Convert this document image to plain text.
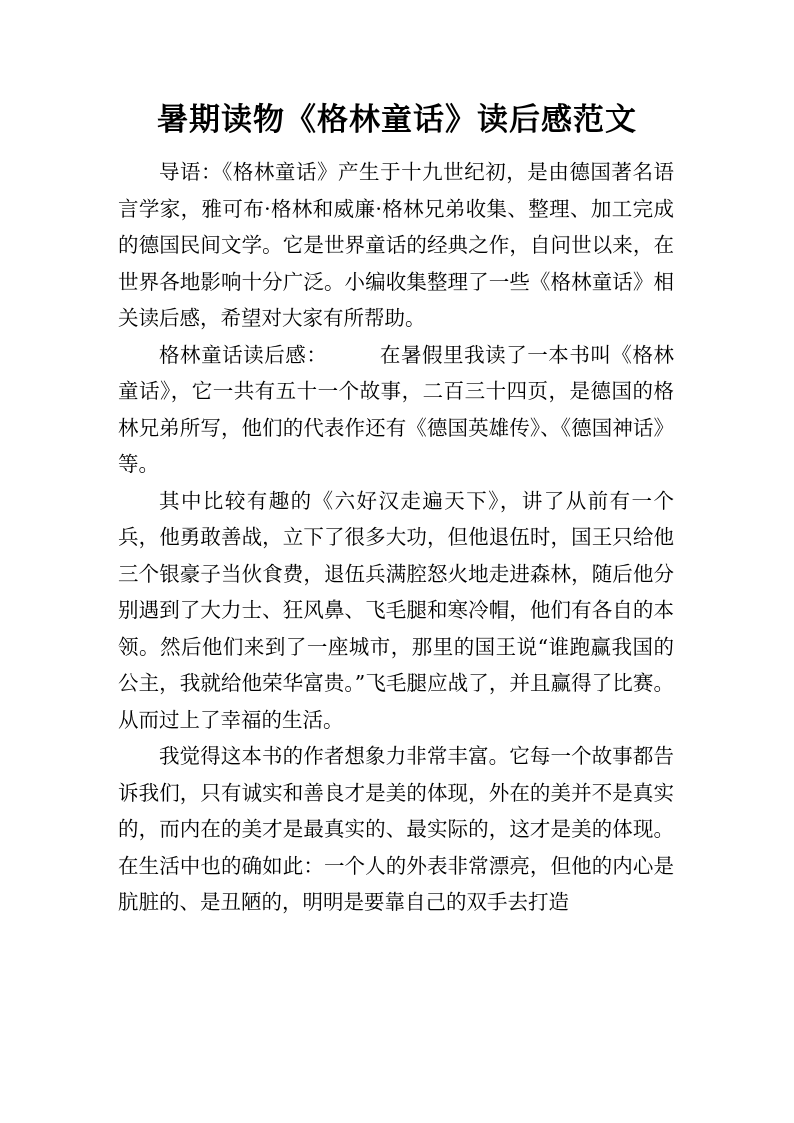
暑期读物《格林童话》读后感范文

导语：《格林童话》产生于十九世纪初，是由德国著名语言学家，雅可布·格林和威廉·格林兄弟收集、整理、加工完成的德国民间文学。它是世界童话的经典之作，自问世以来，在世界各地影响十分广泛。小编收集整理了一些《格林童话》相关读后感，希望对大家有所帮助。

格林童话读后感：	在暑假里我读了一本书叫《格林童话》，它一共有五十一个故事，二百三十四页，是德国的格林兄弟所写，他们的代表作还有《德国英雄传》、《德国神话》等。

其中比较有趣的《六好汉走遍天下》，讲了从前有一个兵，他勇敢善战，立下了很多大功，但他退伍时，国王只给他三个银豪子当伙食费，退伍兵满腔怒火地走进森林，随后他分别遇到了大力士、狂风鼻、飞毛腿和寒冷帽，他们有各自的本领。然后他们来到了一座城市，那里的国王说“谁跑赢我国的公主，我就给他荣华富贵。”飞毛腿应战了，并且赢得了比赛。从而过上了幸福的生活。

我觉得这本书的作者想象力非常丰富。它每一个故事都告诉我们，只有诚实和善良才是美的体现，外在的美并不是真实的，而内在的美才是最真实的、最实际的，这才是美的体现。在生活中也的确如此：一个人的外表非常漂亮，但他的内心是肮脏的、是丑陋的，明明是要靠自己的双手去打造
